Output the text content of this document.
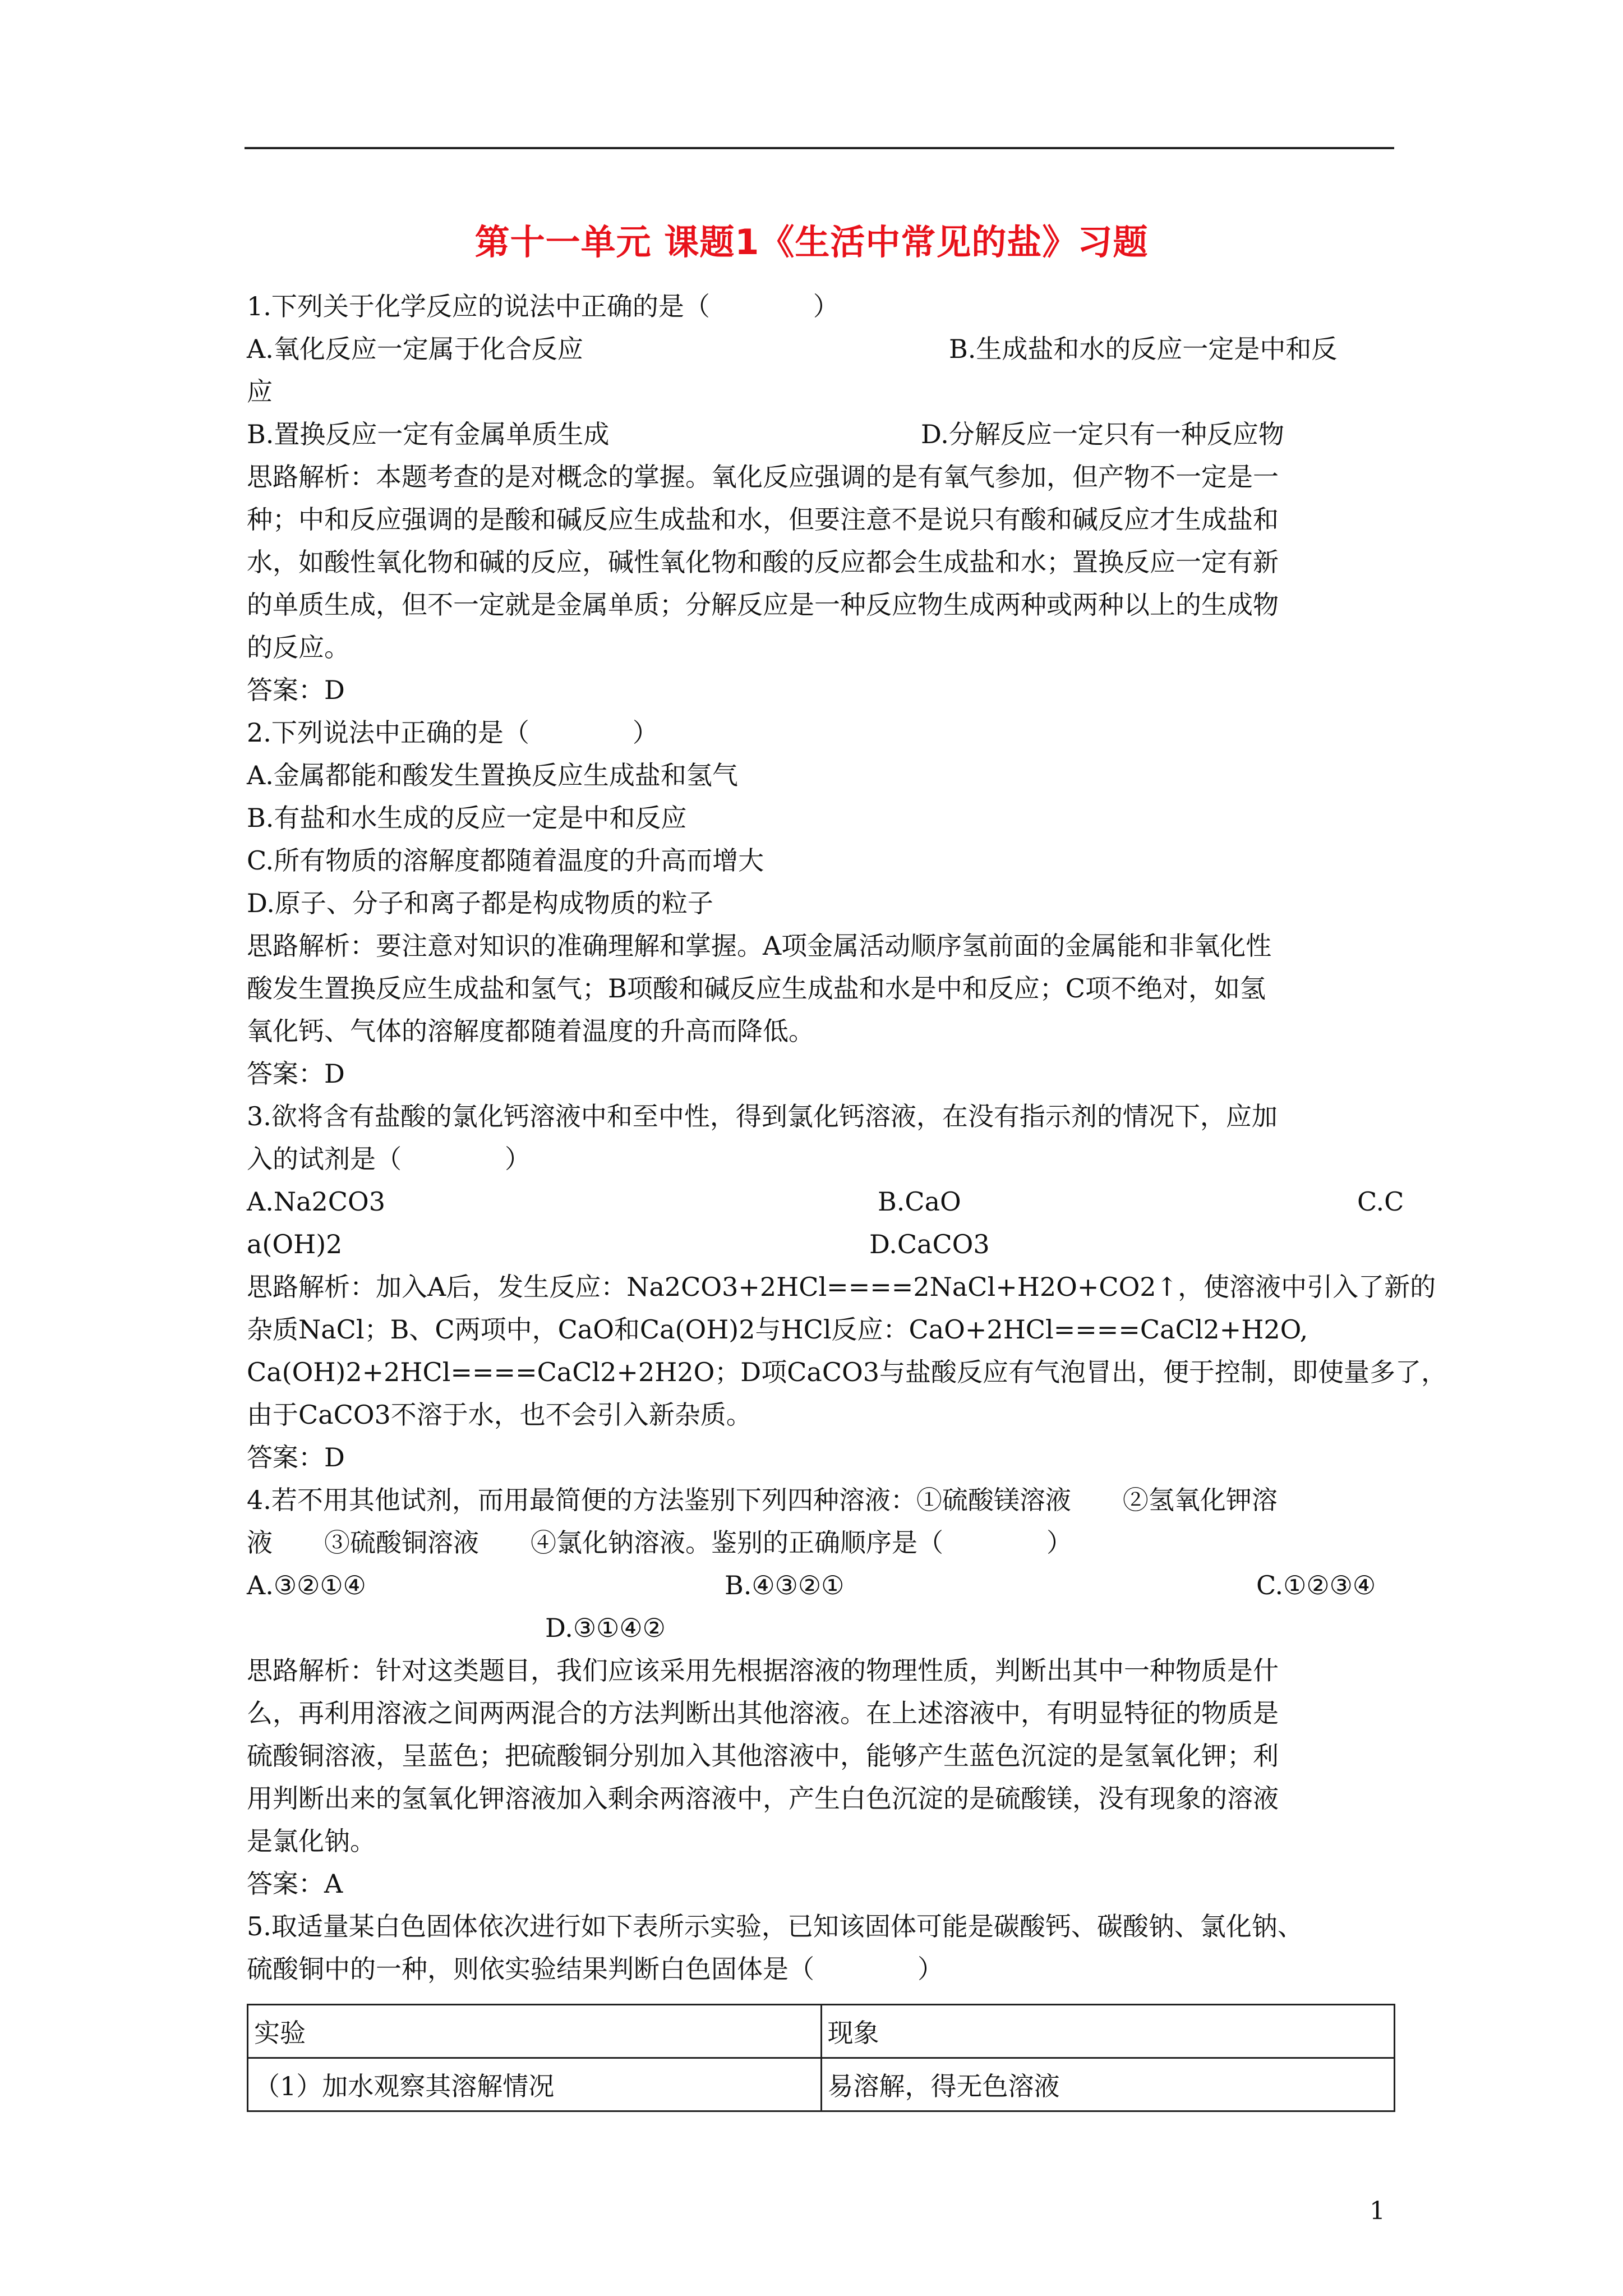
第十一单元 课题1《生活中常见的盐》习题
1.下列关于化学反应的说法中正确的是（　　　　）
A.氧化反应一定属于化合反应	B.生成盐和水的反应一定是中和反
应
B.置换反应一定有金属单质生成	D.分解反应一定只有一种反应物
思路解析：本题考查的是对概念的掌握。氧化反应强调的是有氧气参加，但产物不一定是一
种；中和反应强调的是酸和碱反应生成盐和水，但要注意不是说只有酸和碱反应才生成盐和
水，如酸性氧化物和碱的反应，碱性氧化物和酸的反应都会生成盐和水；置换反应一定有新
的单质生成，但不一定就是金属单质；分解反应是一种反应物生成两种或两种以上的生成物
的反应。
答案：D
2.下列说法中正确的是（　　　　）
A.金属都能和酸发生置换反应生成盐和氢气
B.有盐和水生成的反应一定是中和反应
C.所有物质的溶解度都随着温度的升高而增大
D.原子、分子和离子都是构成物质的粒子
思路解析：要注意对知识的准确理解和掌握。A项金属活动顺序氢前面的金属能和非氧化性
酸发生置换反应生成盐和氢气；B项酸和碱反应生成盐和水是中和反应；C项不绝对，如氢
氧化钙、气体的溶解度都随着温度的升高而降低。
答案：D
3.欲将含有盐酸的氯化钙溶液中和至中性，得到氯化钙溶液，在没有指示剂的情况下，应加
入的试剂是（　　　　）
A.Na2CO3	B.CaO	C.C
a(OH)2	D.CaCO3
思路解析：加入A后，发生反应：Na2CO3+2HCl====2NaCl+H2O+CO2↑，使溶液中引入了新的
杂质NaCl；B、C两项中，CaO和Ca(OH)2与HCl反应：CaO+2HCl====CaCl2+H2O,
Ca(OH)2+2HCl====CaCl2+2H2O；D项CaCO3与盐酸反应有气泡冒出，便于控制，即使量多了，
由于CaCO3不溶于水，也不会引入新杂质。
答案：D
4.若不用其他试剂，而用最简便的方法鉴别下列四种溶液：①硫酸镁溶液　　②氢氧化钾溶
液　　③硫酸铜溶液　　④氯化钠溶液。鉴别的正确顺序是（　　　　）
A.③②①④	B.④③②①	C.①②③④
D.③①④②
思路解析：针对这类题目，我们应该采用先根据溶液的物理性质，判断出其中一种物质是什
么，再利用溶液之间两两混合的方法判断出其他溶液。在上述溶液中，有明显特征的物质是
硫酸铜溶液，呈蓝色；把硫酸铜分别加入其他溶液中，能够产生蓝色沉淀的是氢氧化钾；利
用判断出来的氢氧化钾溶液加入剩余两溶液中，产生白色沉淀的是硫酸镁，没有现象的溶液
是氯化钠。
答案：A
5.取适量某白色固体依次进行如下表所示实验，已知该固体可能是碳酸钙、碳酸钠、氯化钠、
硫酸铜中的一种，则依实验结果判断白色固体是（　　　　）
实验	现象
（1）加水观察其溶解情况	易溶解，得无色溶液
1
